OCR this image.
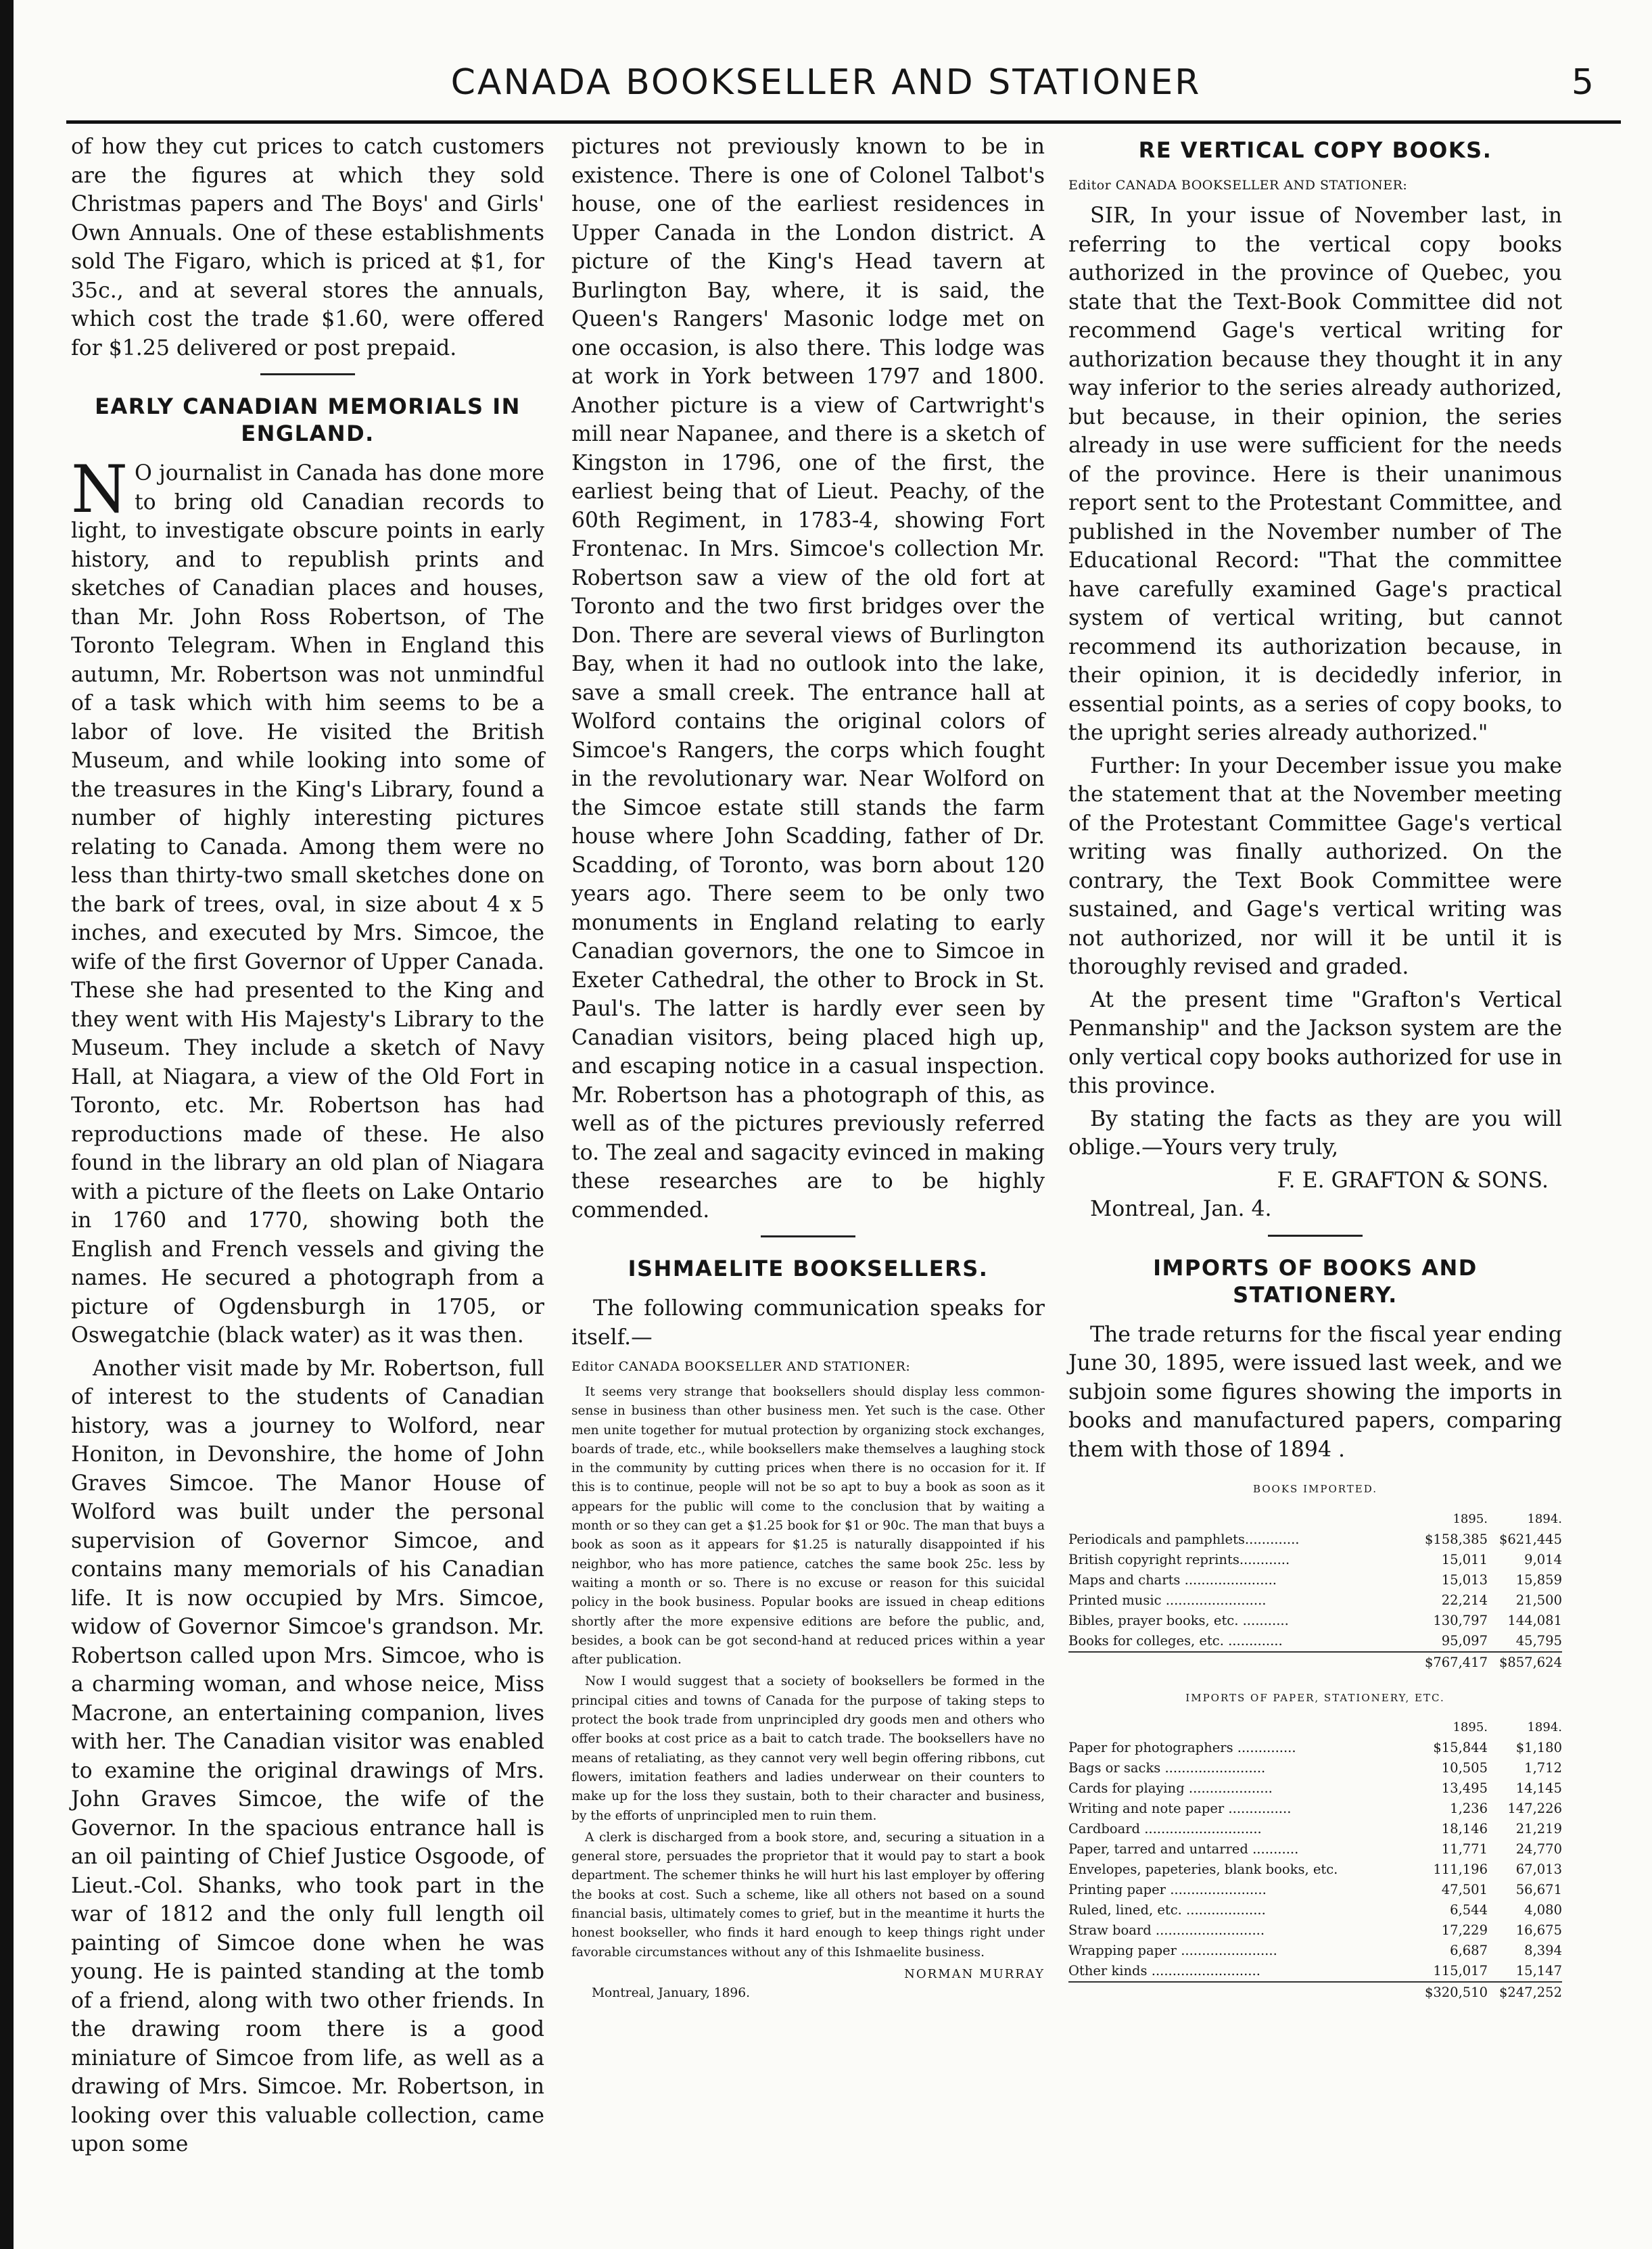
CANADA BOOKSELLER AND STATIONER	5

of how they cut prices to catch customers are the figures at which they sold Christmas papers and The Boys' and Girls' Own Annuals. One of these establishments sold The Figaro, which is priced at $1, for 35c., and at several stores the annuals, which cost the trade $1.60, were offered for $1.25 delivered or post prepaid.

EARLY CANADIAN MEMORIALS IN ENGLAND.

N O journalist in Canada has done more to bring old Canadian records to light, to investigate obscure points in early history, and to republish prints and sketches of Canadian places and houses, than Mr. John Ross Robertson, of The Toronto Telegram. When in England this autumn, Mr. Robertson was not unmindful of a task which with him seems to be a labor of love. He visited the British Museum, and while looking into some of the treasures in the King's Library, found a number of highly interesting pictures relating to Canada. Among them were no less than thirty-two small sketches done on the bark of trees, oval, in size about 4 x 5 inches, and executed by Mrs. Simcoe, the wife of the first Governor of Upper Canada. These she had presented to the King and they went with His Majesty's Library to the Museum. They include a sketch of Navy Hall, at Niagara, a view of the Old Fort in Toronto, etc. Mr. Robertson has had reproductions made of these. He also found in the library an old plan of Niagara with a picture of the fleets on Lake Ontario in 1760 and 1770, showing both the English and French vessels and giving the names. He secured a photograph from a picture of Ogdensburgh in 1705, or Oswegatchie (black water) as it was then.

Another visit made by Mr. Robertson, full of interest to the students of Canadian history, was a journey to Wolford, near Honiton, in Devonshire, the home of John Graves Simcoe. The Manor House of Wolford was built under the personal supervision of Governor Simcoe, and contains many memorials of his Canadian life. It is now occupied by Mrs. Simcoe, widow of Governor Simcoe's grandson. Mr. Robertson called upon Mrs. Simcoe, who is a charming woman, and whose neice, Miss Macrone, an entertaining companion, lives with her. The Canadian visitor was enabled to examine the original drawings of Mrs. John Graves Simcoe, the wife of the Governor. In the spacious entrance hall is an oil painting of Chief Justice Osgoode, of Lieut.-Col. Shanks, who took part in the war of 1812 and the only full length oil painting of Simcoe done when he was young. He is painted standing at the tomb of a friend, along with two other friends. In the drawing room there is a good miniature of Simcoe from life, as well as a drawing of Mrs. Simcoe. Mr. Robertson, in looking over this valuable collection, came upon some

pictures not previously known to be in existence. There is one of Colonel Talbot's house, one of the earliest residences in Upper Canada in the London district. A picture of the King's Head tavern at Burlington Bay, where, it is said, the Queen's Rangers' Masonic lodge met on one occasion, is also there. This lodge was at work in York between 1797 and 1800. Another picture is a view of Cartwright's mill near Napanee, and there is a sketch of Kingston in 1796, one of the first, the earliest being that of Lieut. Peachy, of the 60th Regiment, in 1783-4, showing Fort Frontenac. In Mrs. Simcoe's collection Mr. Robertson saw a view of the old fort at Toronto and the two first bridges over the Don. There are several views of Burlington Bay, when it had no outlook into the lake, save a small creek. The entrance hall at Wolford contains the original colors of Simcoe's Rangers, the corps which fought in the revolutionary war. Near Wolford on the Simcoe estate still stands the farm house where John Scadding, father of Dr. Scadding, of Toronto, was born about 120 years ago. There seem to be only two monuments in England relating to early Canadian governors, the one to Simcoe in Exeter Cathedral, the other to Brock in St. Paul's. The latter is hardly ever seen by Canadian visitors, being placed high up, and escaping notice in a casual inspection. Mr. Robertson has a photograph of this, as well as of the pictures previously referred to. The zeal and sagacity evinced in making these researches are to be highly commended.

ISHMAELITE BOOKSELLERS.

The following communication speaks for itself.—

Editor CANADA BOOKSELLER AND STATIONER:

It seems very strange that booksellers should display less common-sense in business than other business men. Yet such is the case. Other men unite together for mutual protection by organizing stock exchanges, boards of trade, etc., while booksellers make themselves a laughing stock in the community by cutting prices when there is no occasion for it. If this is to continue, people will not be so apt to buy a book as soon as it appears for the public will come to the conclusion that by waiting a month or so they can get a $1.25 book for $1 or 90c. The man that buys a book as soon as it appears for $1.25 is naturally disappointed if his neighbor, who has more patience, catches the same book 25c. less by waiting a month or so. There is no excuse or reason for this suicidal policy in the book business. Popular books are issued in cheap editions shortly after the more expensive editions are before the public, and, besides, a book can be got second-hand at reduced prices within a year after publication.

Now I would suggest that a society of booksellers be formed in the principal cities and towns of Canada for the purpose of taking steps to protect the book trade from unprincipled dry goods men and others who offer books at cost price as a bait to catch trade. The booksellers have no means of retaliating, as they cannot very well begin offering ribbons, cut flowers, imitation feathers and ladies underwear on their counters to make up for the loss they sustain, both to their character and business, by the efforts of unprincipled men to ruin them.

A clerk is discharged from a book store, and, securing a situation in a general store, persuades the proprietor that it would pay to start a book department. The schemer thinks he will hurt his last employer by offering the books at cost. Such a scheme, like all others not based on a sound financial basis, ultimately comes to grief, but in the meantime it hurts the honest bookseller, who finds it hard enough to keep things right under favorable circumstances without any of this Ishmaelite business.

NORMAN MURRAY
Montreal, January, 1896.
RE VERTICAL COPY BOOKS.
Editor CANADA BOOKSELLER AND STATIONER:

SIR, In your issue of November last, in referring to the vertical copy books authorized in the province of Quebec, you state that the Text-Book Committee did not recommend Gage's vertical writing for authorization because they thought it in any way inferior to the series already authorized, but because, in their opinion, the series already in use were sufficient for the needs of the province. Here is their unanimous report sent to the Protestant Committee, and published in the November number of The Educational Record: "That the committee have carefully examined Gage's practical system of vertical writing, but cannot recommend its authorization because, in their opinion, it is decidedly inferior, in essential points, as a series of copy books, to the upright series already authorized."

Further: In your December issue you make the statement that at the November meeting of the Protestant Committee Gage's vertical writing was finally authorized. On the contrary, the Text Book Committee were sustained, and Gage's vertical writing was not authorized, nor will it be until it is thoroughly revised and graded.

At the present time "Grafton's Vertical Penmanship" and the Jackson system are the only vertical copy books authorized for use in this province.

By stating the facts as they are you will oblige.—Yours very truly,

F. E. GRAFTON & SONS.

Montreal, Jan. 4.

IMPORTS OF BOOKS AND STATIONERY.

The trade returns for the fiscal year ending June 30, 1895, were issued last week, and we subjoin some figures showing the imports in books and manufactured papers, comparing them with those of 1894 .

BOOKS IMPORTED.
	1895.	1894.
Periodicals and pamphlets.............	$158,385	$621,445
British copyright reprints............	15,011	9,014
Maps and charts ......................	15,013	15,859
Printed music ........................	22,214	21,500
Bibles, prayer books, etc. ...........	130,797	144,081
Books for colleges, etc. .............	95,097	45,795
	$767,417	$857,624
IMPORTS OF PAPER, STATIONERY, ETC.
	1895.	1894.
Paper for photographers ..............	$15,844	$1,180
Bags or sacks ........................	10,505	1,712
Cards for playing ....................	13,495	14,145
Writing and note paper ...............	1,236	147,226
Cardboard ............................	18,146	21,219
Paper, tarred and untarred ...........	11,771	24,770
Envelopes, papeteries, blank books, etc.	111,196	67,013
Printing paper .......................	47,501	56,671
Ruled, lined, etc. ...................	6,544	4,080
Straw board ..........................	17,229	16,675
Wrapping paper .......................	6,687	8,394
Other kinds ..........................	115,017	15,147
	$320,510	$247,252
